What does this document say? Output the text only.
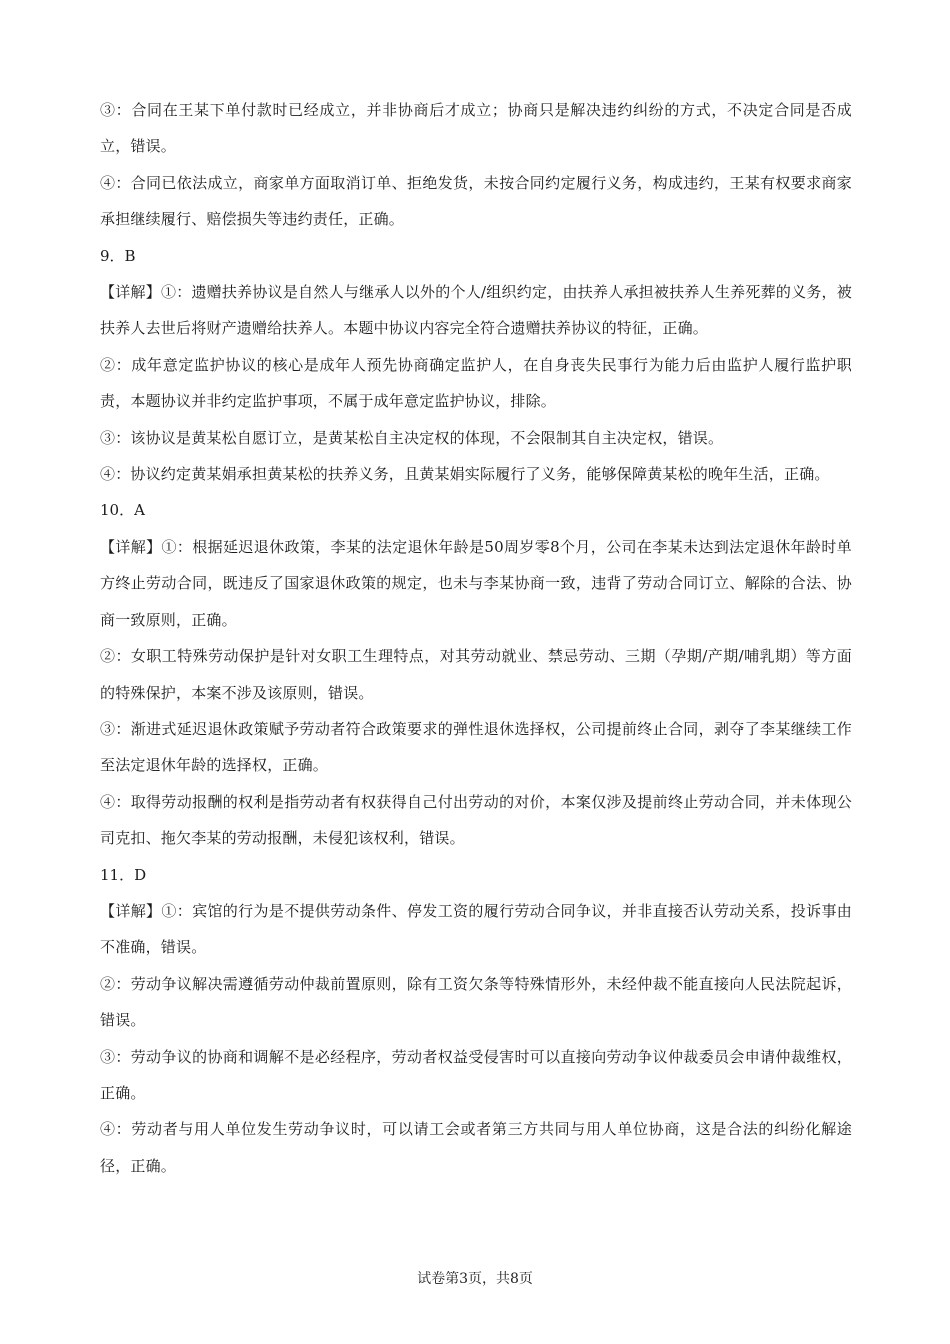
③：合同在王某下单付款时已经成立，并非协商后才成立；协商只是解决违约纠纷的方式，不决定合同是否成立，错误。

④：合同已依法成立，商家单方面取消订单、拒绝发货，未按合同约定履行义务，构成违约，王某有权要求商家承担继续履行、赔偿损失等违约责任，正确。

9．B

【详解】①：遗赠扶养协议是自然人与继承人以外的个人/组织约定，由扶养人承担被扶养人生养死葬的义务，被扶养人去世后将财产遗赠给扶养人。本题中协议内容完全符合遗赠扶养协议的特征，正确。

②：成年意定监护协议的核心是成年人预先协商确定监护人，在自身丧失民事行为能力后由监护人履行监护职责，本题协议并非约定监护事项，不属于成年意定监护协议，排除。

③：该协议是黄某松自愿订立，是黄某松自主决定权的体现，不会限制其自主决定权，错误。

④：协议约定黄某娟承担黄某松的扶养义务，且黄某娟实际履行了义务，能够保障黄某松的晚年生活，正确。

10．A

【详解】①：根据延迟退休政策，李某的法定退休年龄是50周岁零8个月，公司在李某未达到法定退休年龄时单方终止劳动合同，既违反了国家退休政策的规定，也未与李某协商一致，违背了劳动合同订立、解除的合法、协商一致原则，正确。

②：女职工特殊劳动保护是针对女职工生理特点，对其劳动就业、禁忌劳动、三期（孕期/产期/哺乳期）等方面的特殊保护，本案不涉及该原则，错误。

③：渐进式延迟退休政策赋予劳动者符合政策要求的弹性退休选择权，公司提前终止合同，剥夺了李某继续工作至法定退休年龄的选择权，正确。

④：取得劳动报酬的权利是指劳动者有权获得自己付出劳动的对价，本案仅涉及提前终止劳动合同，并未体现公司克扣、拖欠李某的劳动报酬，未侵犯该权利，错误。

11．D

【详解】①：宾馆的行为是不提供劳动条件、停发工资的履行劳动合同争议，并非直接否认劳动关系，投诉事由不准确，错误。

②：劳动争议解决需遵循劳动仲裁前置原则，除有工资欠条等特殊情形外，未经仲裁不能直接向人民法院起诉，错误。

③：劳动争议的协商和调解不是必经程序，劳动者权益受侵害时可以直接向劳动争议仲裁委员会申请仲裁维权，正确。

④：劳动者与用人单位发生劳动争议时，可以请工会或者第三方共同与用人单位协商，这是合法的纠纷化解途径，正确。

试卷第3页，共8页
